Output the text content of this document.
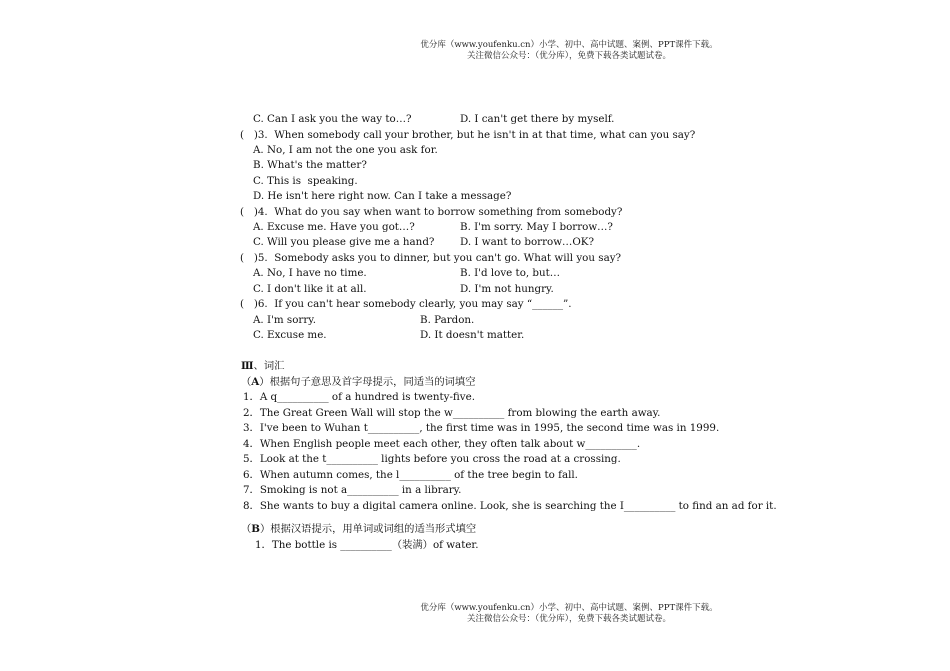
优分库（www.youfenku.cn）小学、初中、高中试题、案例、PPT课件下载。
关注微信公众号：（优分库），免费下载各类试题试卷。
C. Can I ask you the way to…?	D. I can't get there by myself.
(   )3.  When somebody call your brother, but he isn't in at that time, what can you say?
A. No, I am not the one you ask for.
B. What's the matter?
C. This is  speaking.
D. He isn't here right now. Can I take a message?
(   )4.  What do you say when want to borrow something from somebody?
A. Excuse me. Have you got…?	B. I'm sorry. May I borrow…?
C. Will you please give me a hand? D. I want to borrow…OK?
(   )5.  Somebody asks you to dinner, but you can't go. What will you say?
A. No, I have no time.	B. I'd love to, but…
C. I don't like it at all.	D. I'm not hungry.
(   )6.  If you can't hear somebody clearly, you may say “______”.
A. I'm sorry.	B. Pardon.
C. Excuse me.	D. It doesn't matter.
Ⅲ、词汇
（A）根据句子意思及首字母提示，同适当的词填空
1．A q__________ of a hundred is twenty-five.
2．The Great Green Wall will stop the w__________ from blowing the earth away.
3．I've been to Wuhan t__________, the first time was in 1995, the second time was in 1999.
4．When English people meet each other, they often talk about w__________.
5．Look at the t__________ lights before you cross the road at a crossing.
6．When autumn comes, the l__________ of the tree begin to fall.
7．Smoking is not a__________ in a library.
8．She wants to buy a digital camera online. Look, she is searching the I__________ to find an ad for it.
（B）根据汉语提示，用单词或词组的适当形式填空
1．The bottle is __________（装满）of water.
优分库（www.youfenku.cn）小学、初中、高中试题、案例、PPT课件下载。
关注微信公众号：（优分库），免费下载各类试题试卷。
